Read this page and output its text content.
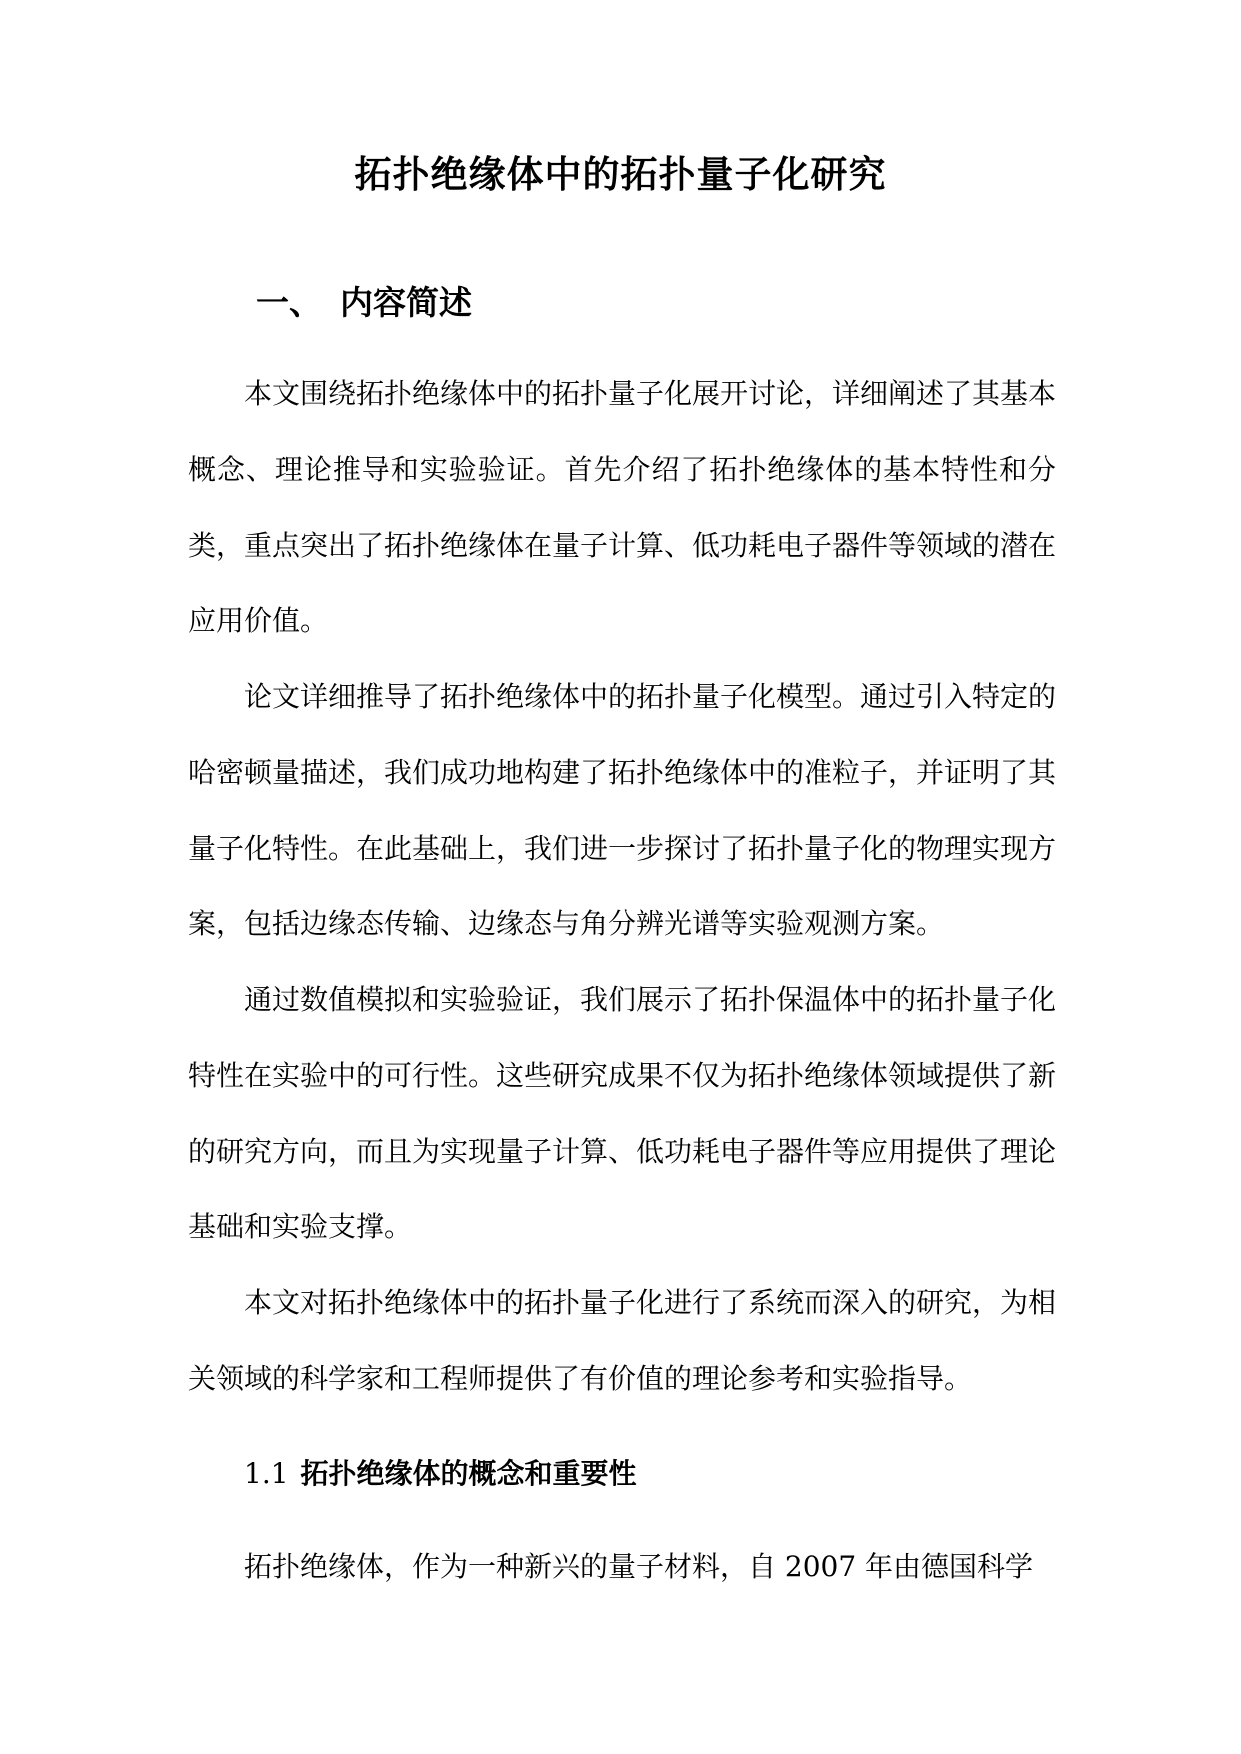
拓扑绝缘体中的拓扑量子化研究
一、 内容简述

本文围绕拓扑绝缘体中的拓扑量子化展开讨论，详细阐述了其基本概念、理论推导和实验验证。首先介绍了拓扑绝缘体的基本特性和分类，重点突出了拓扑绝缘体在量子计算、低功耗电子器件等领域的潜在应用价值。

论文详细推导了拓扑绝缘体中的拓扑量子化模型。通过引入特定的哈密顿量描述，我们成功地构建了拓扑绝缘体中的准粒子，并证明了其量子化特性。在此基础上，我们进一步探讨了拓扑量子化的物理实现方案，包括边缘态传输、边缘态与角分辨光谱等实验观测方案。

通过数值模拟和实验验证，我们展示了拓扑保温体中的拓扑量子化特性在实验中的可行性。这些研究成果不仅为拓扑绝缘体领域提供了新的研究方向，而且为实现量子计算、低功耗电子器件等应用提供了理论基础和实验支撑。

本文对拓扑绝缘体中的拓扑量子化进行了系统而深入的研究，为相关领域的科学家和工程师提供了有价值的理论参考和实验指导。

1.1 拓扑绝缘体的概念和重要性

拓扑绝缘体，作为一种新兴的量子材料，自 2007 年由德国科学
